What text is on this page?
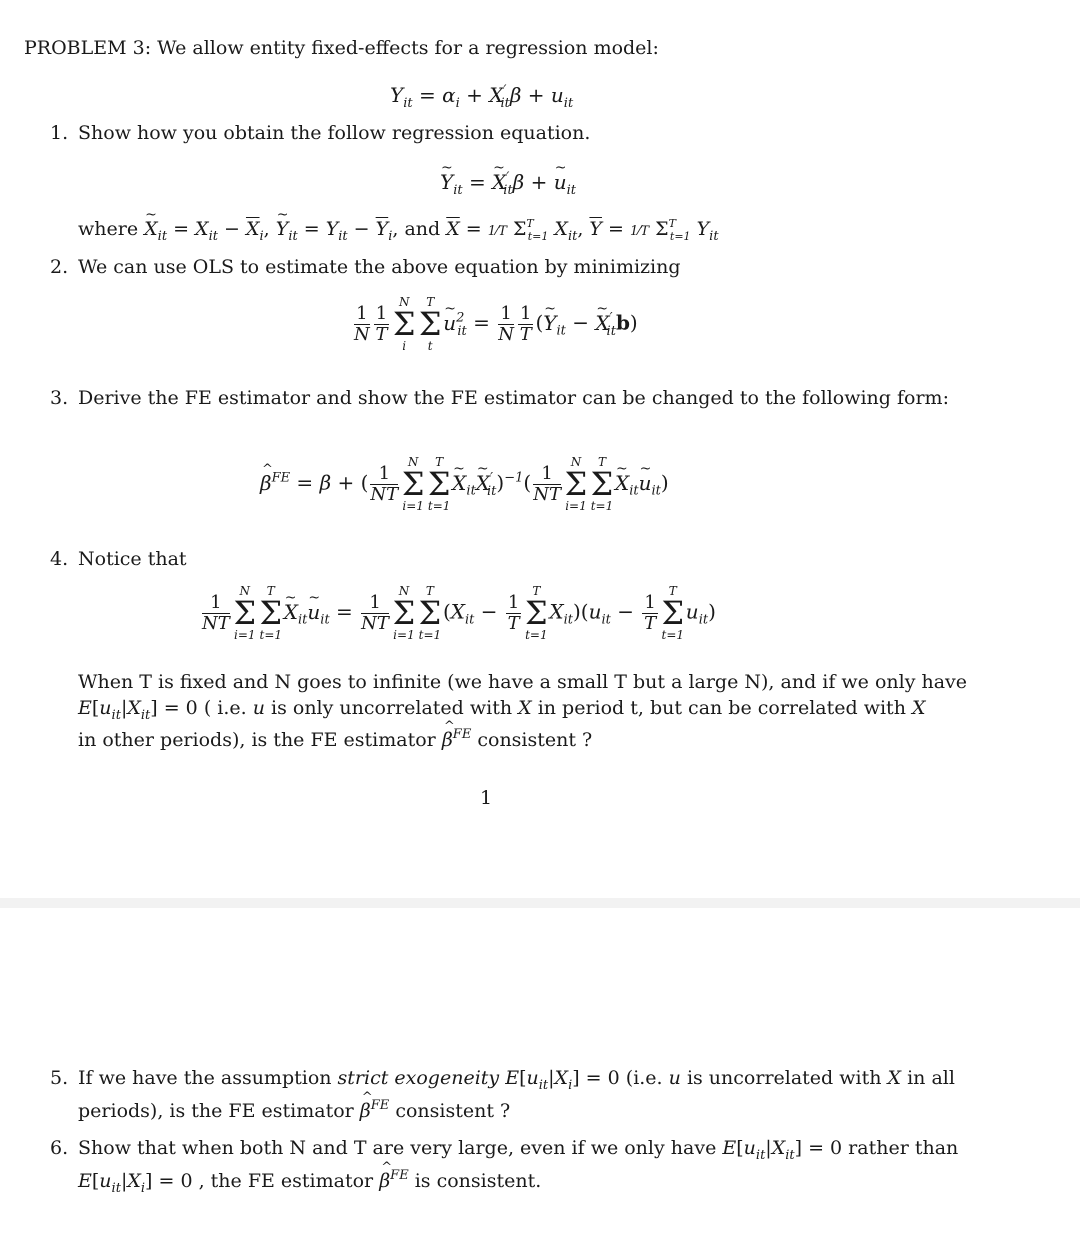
PROBLEM 3: We allow entity fixed-effects for a regression model:
$Y_{it} = \alpha_i + X'_{it}\beta + u_{it}$
1. Show how you obtain the follow regression equation.
~ $Y_{it}$ = ~ $X'_{it}\beta$ + ~ $u_{it}$
where ~ $X_{it} = X_{it} - \overline{X}_i$, ~ $Y_{it} = Y_{it} - \overline{Y}_i$, and $\overline{X}$ = 1⁄T $\Sigma^T_{t=1}$ $X_{it}$, $\overline{Y}$ = 1⁄T $\Sigma^T_{t=1}$ $Y_{it}$
2. We can use OLS to estimate the above equation by minimizing
$\frac{1}{N} \frac{1}{T}$
N
Σ
i
T
Σ
t
~ $u^2_{it} = \frac{1}{N} \frac{1}{T}$ (~ $Y_{it}$ − ~ $X'_{it}b$)
3. Derive the FE estimator and show the FE estimator can be changed to the following form:
^ $\beta^{FE} = \beta$ + ( $\frac{1}{NT}$
N
Σ
i=1
T
Σ
t=1
~ $X_{it}\sim$ $X'_{it})^{-1}( \frac{1}{NT}$
N
Σ
i=1
T
Σ
t=1
~ $X_{it}\sim$ $u_{it}$)
4. Notice that
$\frac{1}{NT}$
N
Σ
i=1
T
Σ
t=1
~ $X_{it}\sim$ $u_{it} = \frac{1}{NT}$
N
Σ
i=1
T
Σ
t=1
($X_{it} - \frac{1}{T}$
T
Σ
t=1
$X_{it})(u_{it} - \frac{1}{T}$
T
Σ
t=1
$u_{it}$)
When T is fixed and N goes to infinite (we have a small T but a large N), and if we only have
$E[u_{it}|X_{it}] = 0$ ( i.e. u is only uncorrelated with X in period t, but can be correlated with X
in other periods), is the FE estimator ^ $\beta^{FE}$ consistent ?
1
5. If we have the assumption strict exogeneity $E[u_{it}|X_i] = 0$ (i.e. u is uncorrelated with X in all
periods), is the FE estimator ^ $\beta^{FE}$ consistent ?
6. Show that when both N and T are very large, even if we only have $E[u_{it}|X_{it}] = 0$ rather than
$E[u_{it}|X_i] = 0$ , the FE estimator ^ $\beta^{FE}$ is consistent.
